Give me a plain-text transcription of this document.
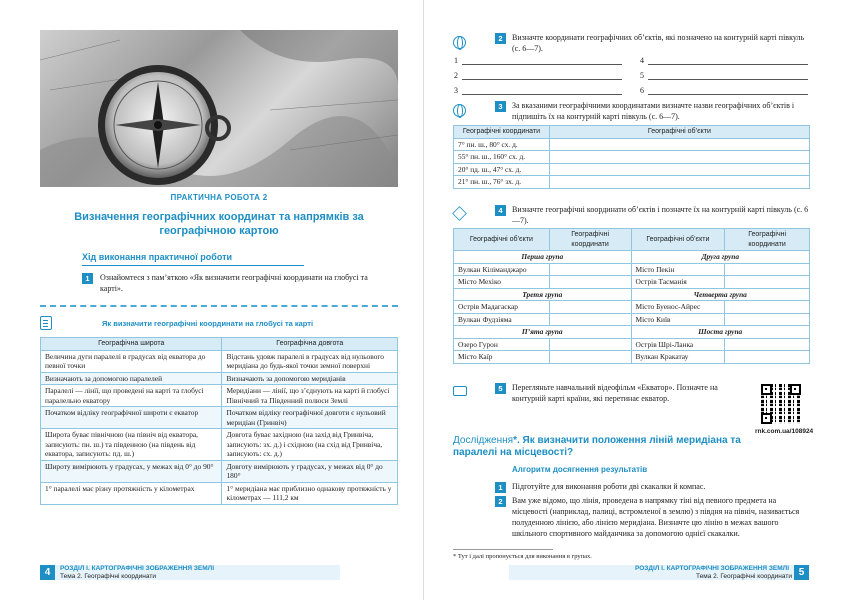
ПРАКТИЧНА РОБОТА 2
Визначення географічних координат та напрямків за географічною картою
Хід виконання практичної роботи
1	Ознайомтеся з пам’яткою «Як визначити географічні координати на глобусі та карті».
Як визначити географічні координати на глобусі та карті
Географічна широта	Географічна довгота
Величина дуги паралелі в градусах від екватора до певної точки	Відстань удовж паралелі в градусах від нульового меридіана до будь-якої точки земної поверхні
Визначають за допомогою паралелей	Визначають за допомогою меридіанів
Паралелі — лінії, що проведені на карті та глобусі паралельно екватору	Меридіани — лінії, що з’єднують на карті й глобусі Північний та Південний полюси Землі
Початком відліку географічної широти є екватор	Початком відліку географічної довготи є нульовий меридіан (Гринвіч)
Широта буває північною (на північ від екватора, записують: пн. ш.) та південною (на південь від екватора, записують: пд. ш.)	Довгота буває західною (на захід від Гринвіча, записують: зх. д.) і східною (на схід від Гринвіча, записують: сх. д.)
Широту вимірюють у градусах, у межах від 0° до 90°	Довготу вимірюють у градусах, у межах від 0° до 180°
1° паралелі має різну протяжність у кілометрах	1° меридіана має приблизно однакову протяжність у кілометрах — 111,2 км
4	РОЗДІЛ І. КАРТОГРАФІЧНІ ЗОБРАЖЕННЯ ЗЕМЛІ
Тема 2. Географічні координати
2	Визначте координати географічних об’єктів, які позначено на контурній карті півкуль (с. 6—7).
1
2
3
4
5
6
3	За вказаними географічними координатами визначте назви географічних об’єктів і підпишіть їх на контурній карті півкуль (с. 6—7).
Географічні координати	Географічні об’єкти
7° пн. ш., 80° сх. д.	
55° пн. ш., 160° сх. д.	
20° пд. ш., 47° сх. д.	
21° пн. ш., 76° зх. д.	
4	Визначте географічні координати об’єктів і позначте їх на контурній карті півкуль (с. 6—7).
Географічні об’єкти	Географічні координати	Географічні об’єкти	Географічні координати
Перша група		Друга група	
Вулкан Кіліманджаро		Місто Пекін	
Місто Мехіко		Острів Тасманія	
Третя група		Четверта група	
Острів Мадагаскар		Місто Буенос-Айрес	
Вулкан Фудзіяма		Місто Київ	
П’ята група		Шоста група	
Озеро Гурон		Острів Шрі-Ланка	
Місто Каїр		Вулкан Кракатау	
5	Перегляньте навчальний відеофільм «Екватор». Позначте на контурній карті країни, які перетинає екватор.
rnk.com.ua/108924
Дослідження*. Як визначити положення ліній меридіана та паралелі на місцевості?
Алгоритм досягнення результатів
1	Підготуйте для виконання роботи дві скакалки й компас.
2	Вам уже відомо, що лінія, проведена в напрямку тіні від певного предмета на місцевості (наприклад, палиці, встромленої в землю) з півдня на північ, називається полуденною лінією, або лінією меридіана. Визначте цю лінію в межах вашого шкільного спортивного майданчика за допомогою однієї скакалки.
* Тут і далі пропонується для виконання в групах.
РОЗДІЛ І. КАРТОГРАФІЧНІ ЗОБРАЖЕННЯ ЗЕМЛІ
Тема 2. Географічні координати 5
